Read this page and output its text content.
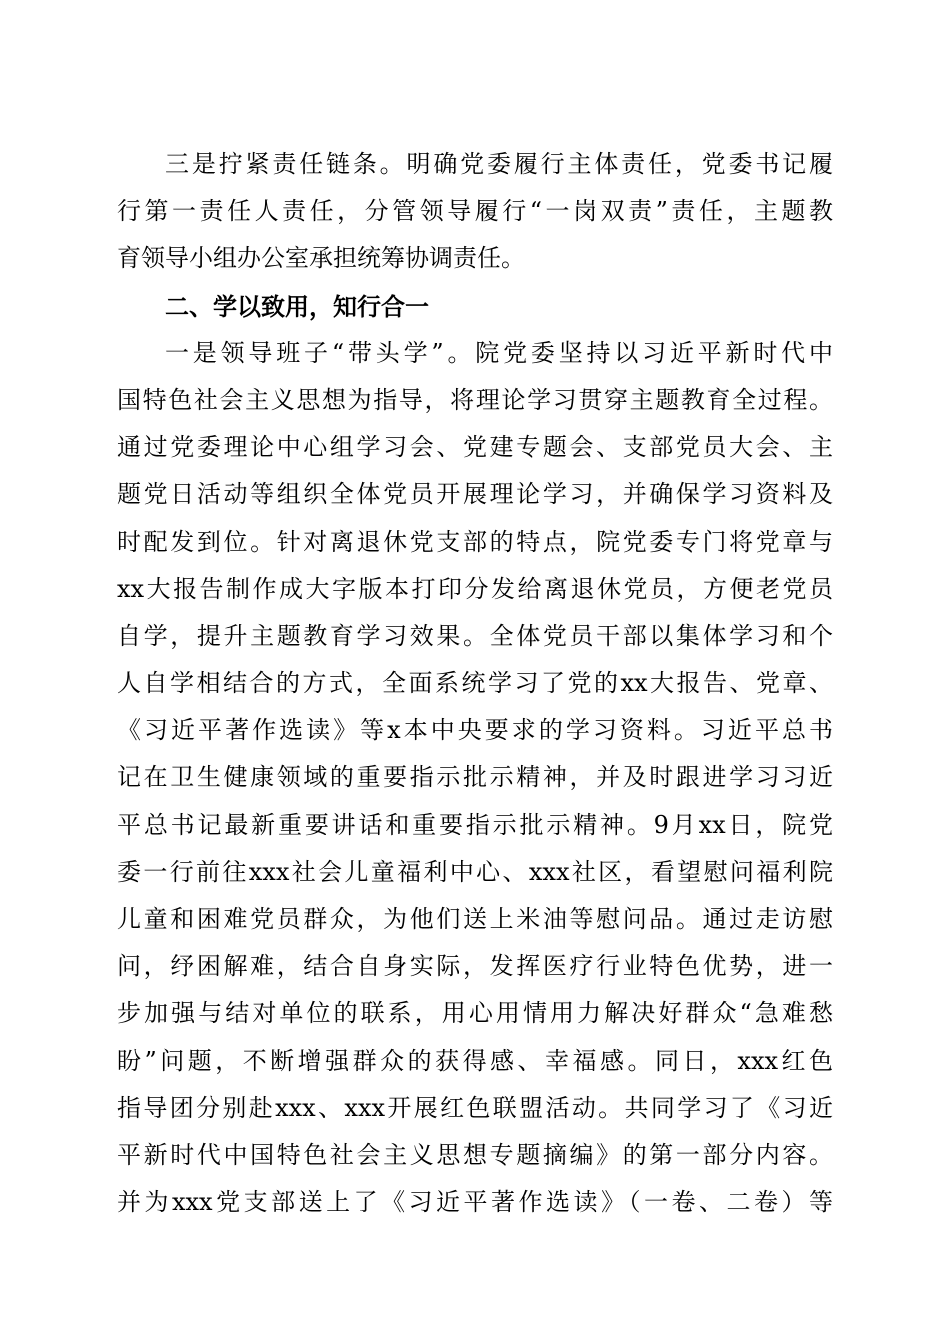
三是拧紧责任链条。明确党委履行主体责任，党委书记履
行第一责任人责任，分管领导履行“一岗双责”责任，主题教
育领导小组办公室承担统筹协调责任。
二、学以致用，知行合一
一是领导班子“带头学”。院党委坚持以习近平新时代中
国特色社会主义思想为指导，将理论学习贯穿主题教育全过程。
通过党委理论中心组学习会、党建专题会、支部党员大会、主
题党日活动等组织全体党员开展理论学习，并确保学习资料及
时配发到位。针对离退休党支部的特点，院党委专门将党章与
xx大报告制作成大字版本打印分发给离退休党员，方便老党员
自学，提升主题教育学习效果。全体党员干部以集体学习和个
人自学相结合的方式，全面系统学习了党的xx大报告、党章、
《习近平著作选读》等x本中央要求的学习资料。习近平总书
记在卫生健康领域的重要指示批示精神，并及时跟进学习习近
平总书记最新重要讲话和重要指示批示精神。9月xx日，院党
委一行前往xxx社会儿童福利中心、xxx社区，看望慰问福利院
儿童和困难党员群众，为他们送上米油等慰问品。通过走访慰
问，纾困解难，结合自身实际，发挥医疗行业特色优势，进一
步加强与结对单位的联系，用心用情用力解决好群众“急难愁
盼”问题，不断增强群众的获得感、幸福感。同日，xxx红色
指导团分别赴xxx、xxx开展红色联盟活动。共同学习了《习近
平新时代中国特色社会主义思想专题摘编》的第一部分内容。
并为xxx党支部送上了《习近平著作选读》（一卷、二卷）等
